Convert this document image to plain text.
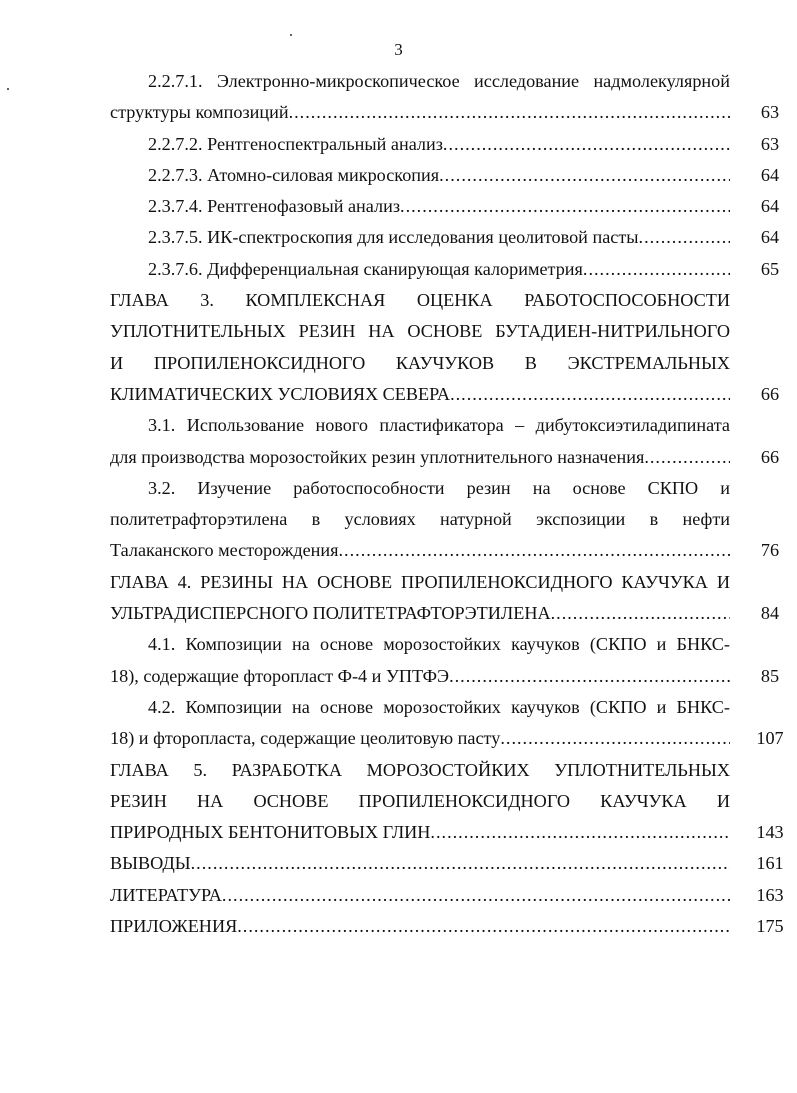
3
2.2.7.1. Электронно-микроскопическое исследование надмолекулярной
структуры композиций .....	63
2.2.7.2. Рентгеноспектральный анализ .....	63
2.2.7.3. Атомно-силовая микроскопия .....	64
2.3.7.4. Рентгенофазовый анализ .....	64
2.3.7.5. ИК-спектроскопия для исследования цеолитовой пасты .....	64
2.3.7.6. Дифференциальная сканирующая калориметрия .....	65
ГЛАВА 3. КОМПЛЕКСНАЯ ОЦЕНКА РАБОТОСПОСОБНОСТИ
УПЛОТНИТЕЛЬНЫХ РЕЗИН НА ОСНОВЕ БУТАДИЕН-НИТРИЛЬНОГО
И ПРОПИЛЕНОКСИДНОГО КАУЧУКОВ В ЭКСТРЕМАЛЬНЫХ
КЛИМАТИЧЕСКИХ УСЛОВИЯХ СЕВЕРА .....	66
3.1. Использование нового пластификатора – дибутоксиэтиладипината
для производства морозостойких резин уплотнительного назначения .....	66
3.2. Изучение работоспособности резин на основе СКПО и
политетрафторэтилена в условиях натурной экспозиции в нефти
Талаканского месторождения .....	76
ГЛАВА 4. РЕЗИНЫ НА ОСНОВЕ ПРОПИЛЕНОКСИДНОГО КАУЧУКА И
УЛЬТРАДИСПЕРСНОГО ПОЛИТЕТРАФТОРЭТИЛЕНА .....	84
4.1. Композиции на основе морозостойких каучуков (СКПО и БНКС-
18), содержащие фторопласт Ф-4 и УПТФЭ .....	85
4.2. Композиции на основе морозостойких каучуков (СКПО и БНКС-
18) и фторопласта, содержащие цеолитовую пасту .....	107
ГЛАВА 5. РАЗРАБОТКА МОРОЗОСТОЙКИХ УПЛОТНИТЕЛЬНЫХ
РЕЗИН НА ОСНОВЕ ПРОПИЛЕНОКСИДНОГО КАУЧУКА И
ПРИРОДНЫХ БЕНТОНИТОВЫХ ГЛИН .....	143
ВЫВОДЫ .....	161
ЛИТЕРАТУРА .....	163
ПРИЛОЖЕНИЯ .....	175
